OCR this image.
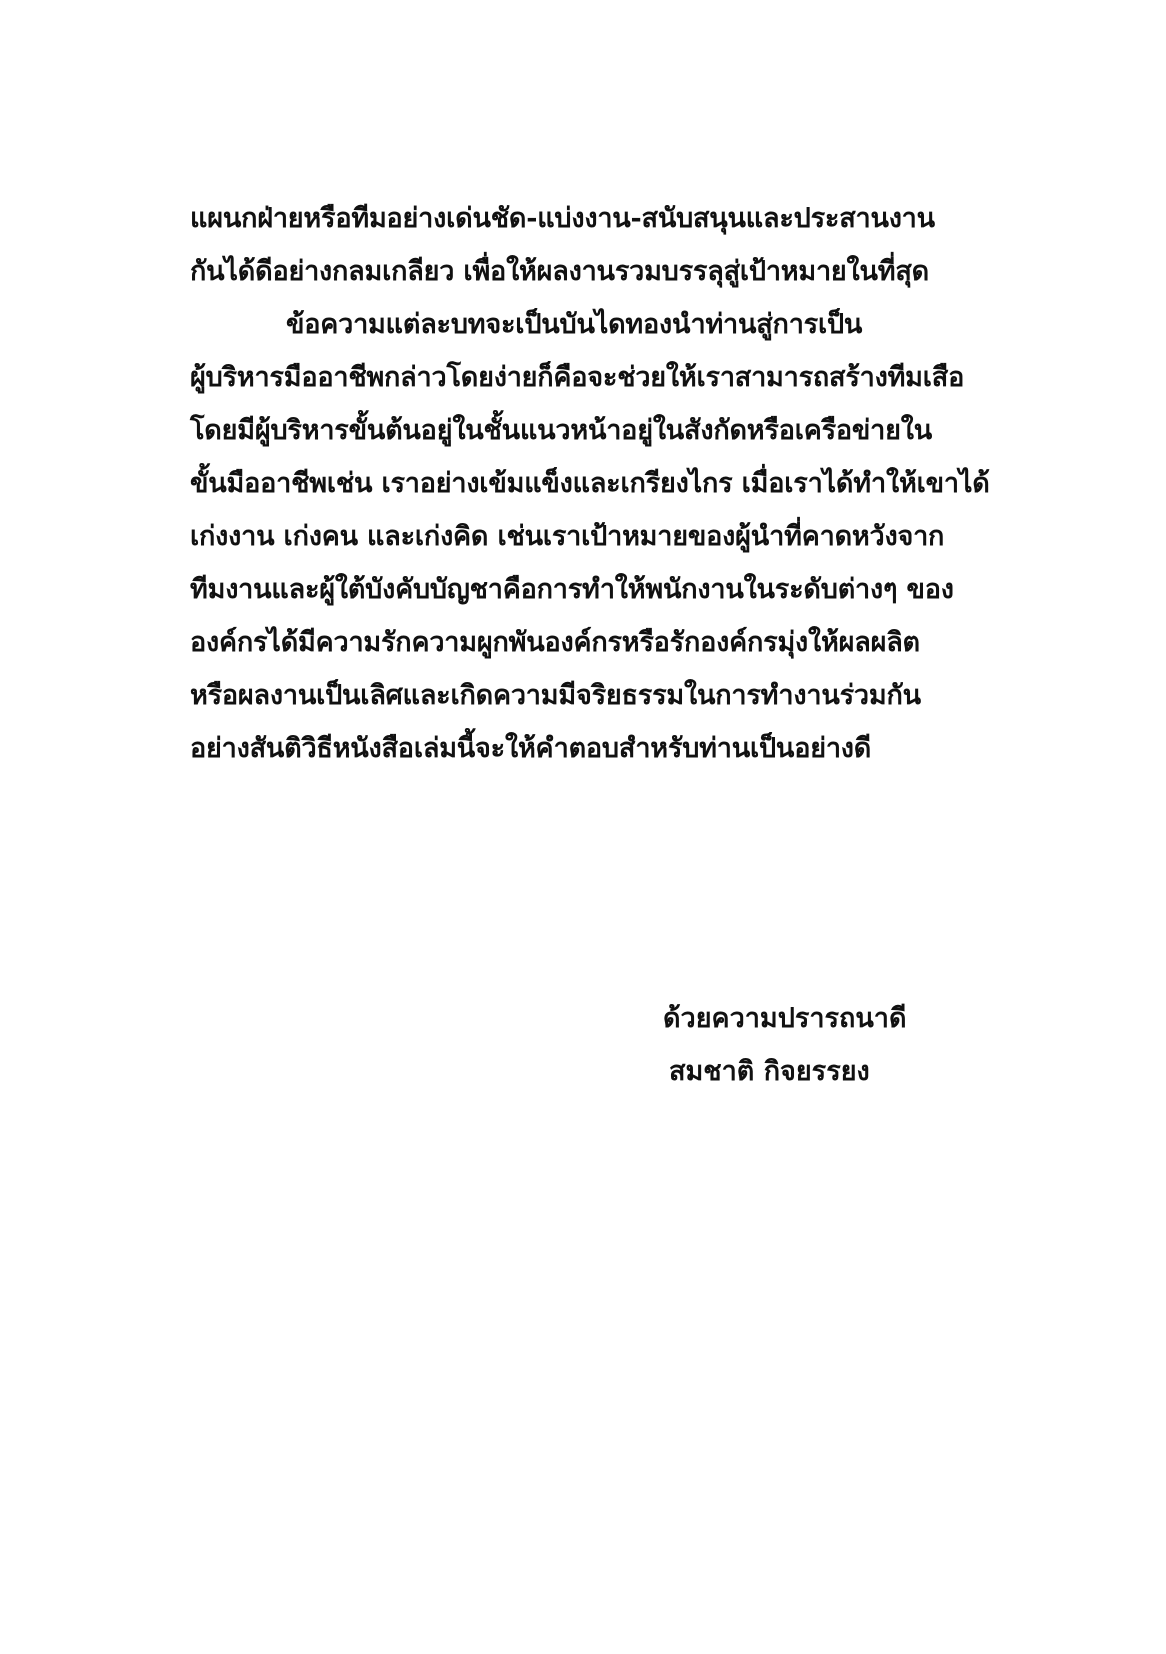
แผนกฝ่ายหรือทีมอย่างเด่นชัด-แบ่งงาน-สนับสนุนและประสานงาน
กันได้ดีอย่างกลมเกลียว เพื่อให้ผลงานรวมบรรลุสู่เป้าหมายในที่สุด
ข้อความแต่ละบทจะเป็นบันไดทองนำท่านสู่การเป็น
ผู้บริหารมืออาชีพกล่าวโดยง่ายก็คือจะช่วยให้เราสามารถสร้างทีมเสือ
โดยมีผู้บริหารขั้นต้นอยู่ในชั้นแนวหน้าอยู่ในสังกัดหรือเครือข่ายใน
ขั้นมืออาชีพเช่น เราอย่างเข้มแข็งและเกรียงไกร เมื่อเราได้ทำให้เขาได้
เก่งงาน เก่งคน และเก่งคิด เช่นเราเป้าหมายของผู้นำที่คาดหวังจาก
ทีมงานและผู้ใต้บังคับบัญชาคือการทำให้พนักงานในระดับต่างๆ ของ
องค์กรได้มีความรักความผูกพันองค์กรหรือรักองค์กรมุ่งให้ผลผลิต
หรือผลงานเป็นเลิศและเกิดความมีจริยธรรมในการทำงานร่วมกัน
อย่างสันติวิธีหนังสือเล่มนี้จะให้คำตอบสำหรับท่านเป็นอย่างดี
ด้วยความปรารถนาดี
สมชาติ กิจยรรยง
